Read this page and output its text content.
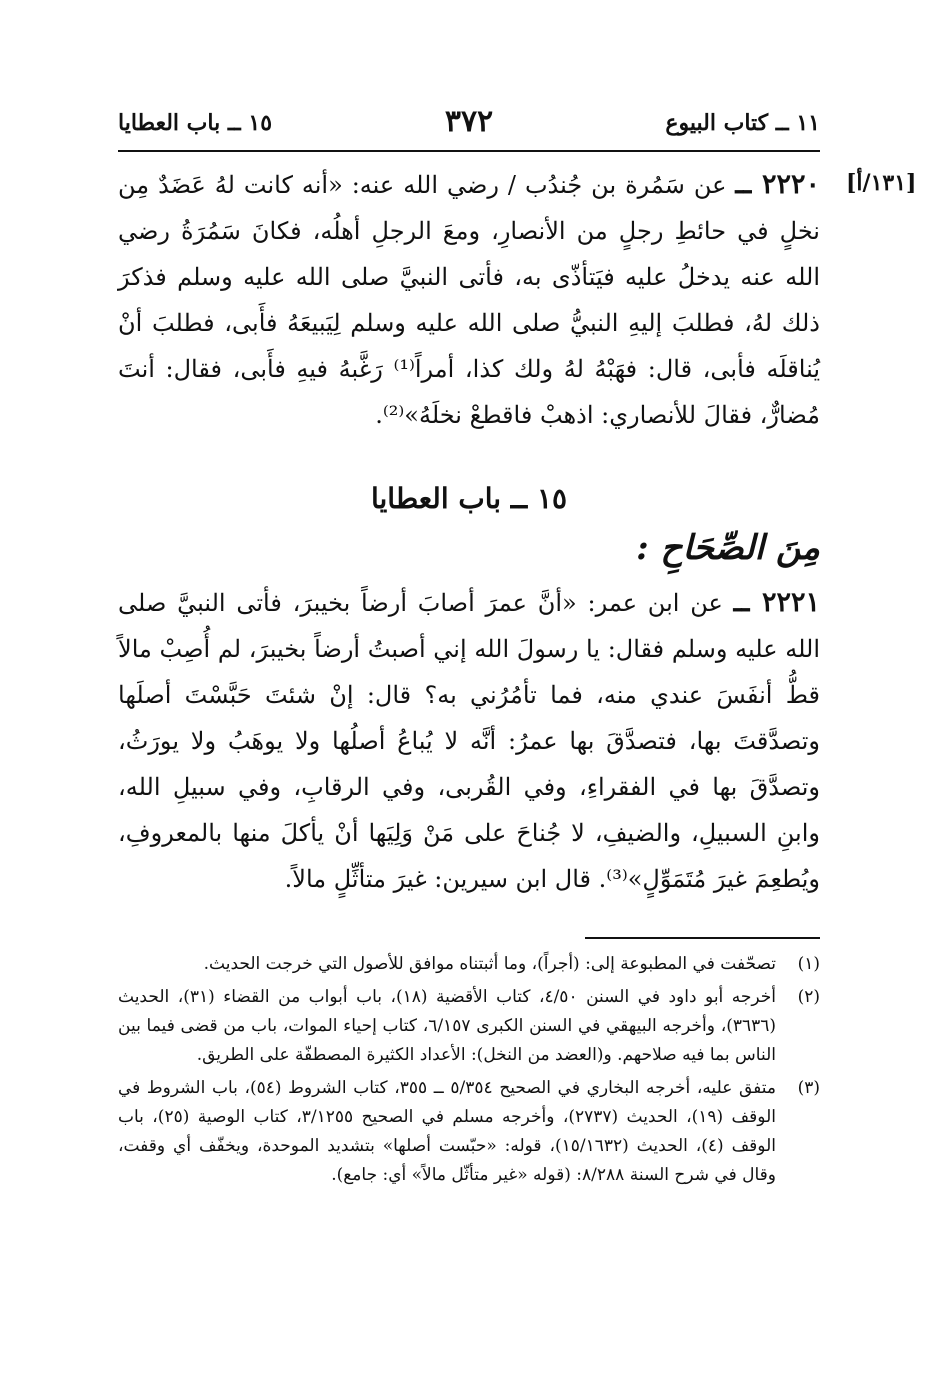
١١ ــ كتاب البيوع
٣٧٢
١٥ ــ باب العطايا
[١٣١/أ]

٢٢٢٠ ــ عن سَمُرة بن جُندُب / رضي الله عنه: «أنه كانت لهُ عَضَدٌ مِن نخلٍ في حائطِ رجلٍ من الأنصارِ، ومعَ الرجلِ أهلُه، فكانَ سَمُرَةُ رضي الله عنه يدخلُ عليه فيَتأذّى به، فأتى النبيَّ صلى الله عليه وسلم فذكرَ ذلك لهُ، فطلبَ إليهِ النبيُّ صلى الله عليه وسلم لِيَبيعَهُ فأَبى، فطلبَ أنْ يُناقلَه فأبى، قال: فهَبْهُ لهُ ولك كذا، أمراً⁽¹⁾ رَغَّبهُ فيهِ فأَبى، فقال: أنتَ مُضارٌّ، فقالَ للأنصاري: اذهبْ فاقطعْ نخلَهُ»⁽²⁾.

١٥ ــ باب العطايا
مِنَ الصِّحَاحِ :

٢٢٢١ ــ عن ابن عمر: «أنَّ عمرَ أصابَ أرضاً بخيبرَ، فأتى النبيَّ صلى الله عليه وسلم فقال: يا رسولَ الله إني أصبتُ أرضاً بخيبرَ، لم أُصِبْ مالاً قطُّ أنفَسَ عندي منه، فما تأمُرُني به؟ قال: إنْ شئتَ حَبَّسْتَ أصلَها وتصدَّقتَ بها، فتصدَّقَ بها عمرُ: أنَّه لا يُباعُ أصلُها ولا يوهَبُ ولا يورَثُ، وتصدَّقَ بها في الفقراءِ، وفي القُربى، وفي الرقابِ، وفي سبيلِ الله، وابنِ السبيلِ، والضيفِ، لا جُناحَ على مَنْ وَلِيَها أنْ يأكلَ منها بالمعروفِ، ويُطعِمَ غيرَ مُتَمَوِّلٍ»⁽³⁾. قال ابن سيرين: غيرَ متأثِّلٍ مالاً.

(١)
تصحّفت في المطبوعة إلى: (أجراً)، وما أثبتناه موافق للأصول التي خرجت الحديث.

(٢)
أخرجه أبو داود في السنن ٤/٥٠، كتاب الأقضية (١٨)، باب أبواب من القضاء (٣١)، الحديث (٣٦٣٦)، وأخرجه البيهقي في السنن الكبرى ٦/١٥٧، كتاب إحياء الموات، باب من قضى فيما بين الناس بما فيه صلاحهم. و(العضد من النخل): الأعداد الكثيرة المصطفّة على الطريق.

(٣)
متفق عليه، أخرجه البخاري في الصحيح ٥/٣٥٤ ــ ٣٥٥، كتاب الشروط (٥٤)، باب الشروط في الوقف (١٩)، الحديث (٢٧٣٧)، وأخرجه مسلم في الصحيح ٣/١٢٥٥، كتاب الوصية (٢٥)، باب الوقف (٤)، الحديث (١٥/١٦٣٢)، قوله: «حبّست أصلها» بتشديد الموحدة، ويخفّف أي وقفت، وقال في شرح السنة ٨/٢٨٨: (قوله «غير متأثّل مالاً» أي: جامع).
